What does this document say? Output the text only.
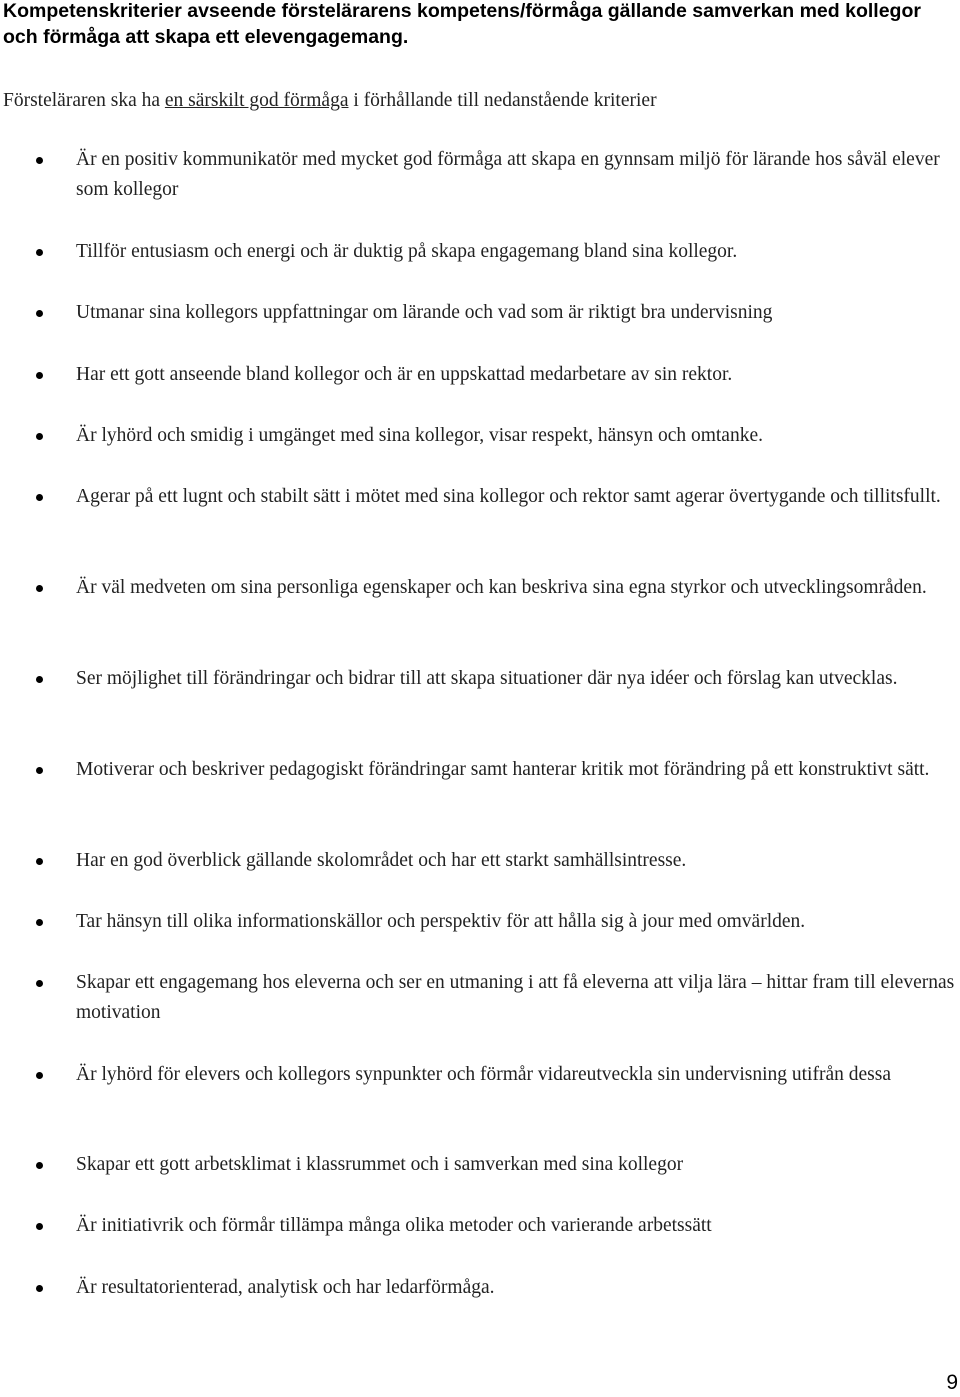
Kompetenskriterier avseende förstelärarens kompetens/förmåga gällande samverkan med kollegor och förmåga att skapa ett elevengagemang.

Försteläraren ska ha en särskilt god förmåga i förhållande till nedanstående kriterier

Är en positiv kommunikatör med mycket god förmåga att skapa en gynnsam miljö för lärande hos såväl elever som kollegor

Tillför entusiasm och energi och är duktig på skapa engagemang bland sina kollegor.

Utmanar sina kollegors uppfattningar om lärande och vad som är riktigt bra undervisning

Har ett gott anseende bland kollegor och är en uppskattad medarbetare av sin rektor.

Är lyhörd och smidig i umgänget med sina kollegor, visar respekt, hänsyn och omtanke.

Agerar på ett lugnt och stabilt sätt i mötet med sina kollegor och rektor samt agerar övertygande och tillitsfullt.

Är väl medveten om sina personliga egenskaper och kan beskriva sina egna styrkor och utvecklingsområden.

Ser möjlighet till förändringar och bidrar till att skapa situationer där nya idéer och förslag kan utvecklas.

Motiverar och beskriver pedagogiskt förändringar samt hanterar kritik mot förändring på ett konstruktivt sätt.

Har en god överblick gällande skolområdet och har ett starkt samhällsintresse.

Tar hänsyn till olika informationskällor och perspektiv för att hålla sig à jour med omvärlden.

Skapar ett engagemang hos eleverna och ser en utmaning i att få eleverna att vilja lära – hittar fram till elevernas motivation

Är lyhörd för elevers och kollegors synpunkter och förmår vidareutveckla sin undervisning utifrån dessa

Skapar ett gott arbetsklimat i klassrummet och i samverkan med sina kollegor

Är initiativrik och förmår tillämpa många olika metoder och varierande arbetssätt

Är resultatorienterad, analytisk och har ledarförmåga.

9
